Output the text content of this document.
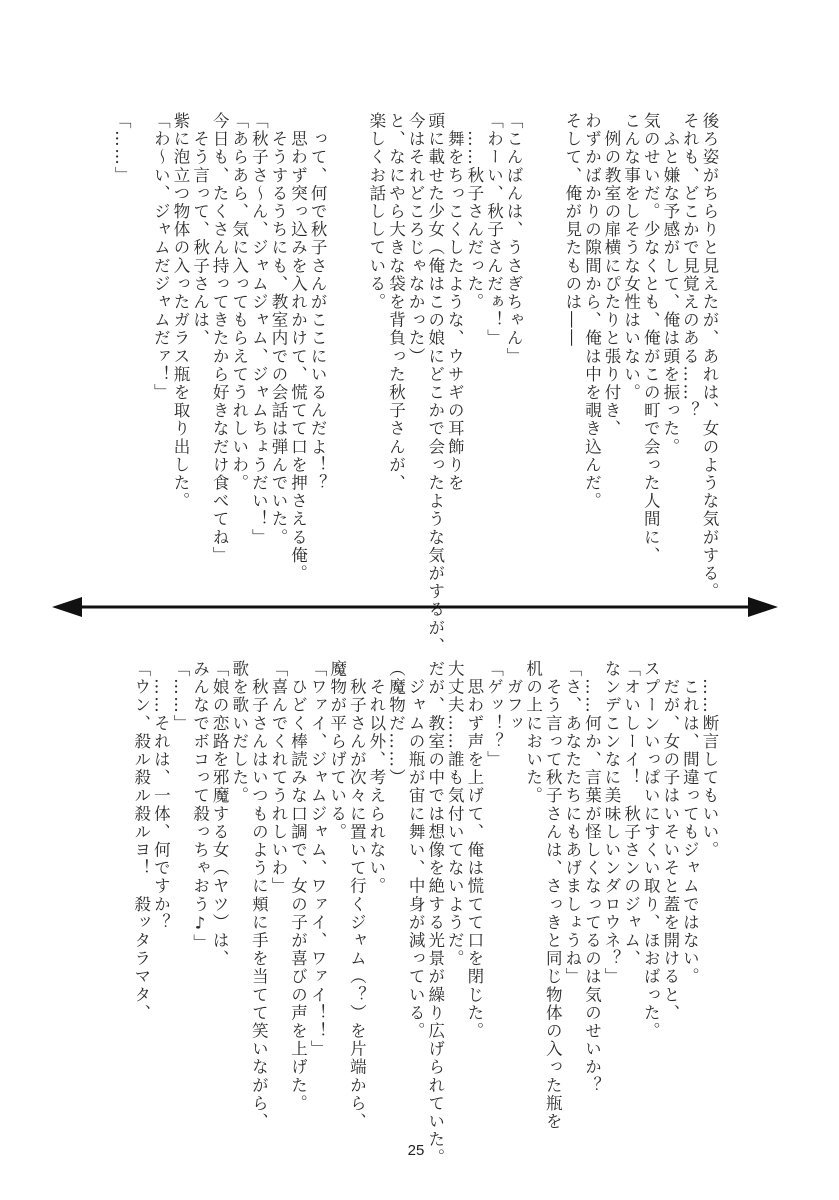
後ろ姿がちらりと見えたが、あれは、女のような気がする。

それも、どこかで見覚えのある……？

　ふと嫌な予感がして、俺は頭を振った。

気のせいだ。少なくとも、俺がこの町で会った人間に、

こんな事をしそうな女性はいない。

　例の教室の扉横にぴたりと張り付き、

わずかばかりの隙間から、俺は中を覗き込んだ。

そして、俺が見たものは――

「こんばんは、うさぎちゃん」

「わーい、秋子さんだぁ！」

　……秋子さんだった。

　舞をちっこくしたような、ウサギの耳飾りを

頭に載せた少女（俺はこの娘にどこかで会ったような気がするが、

今はそれどころじゃなかった）

と、なにやら大きな袋を背負った秋子さんが、

楽しくお話ししている。

　って、何で秋子さんがここにいるんだよ！？

　思わず突っ込みを入れかけて、慌てて口を押さえる俺。

　そうするうちにも、教室内での会話は弾んでいた。

「秋子さ〜ん、ジャムジャム、ジャムちょうだい！」

「あらあら、気に入ってもらえてうれしいわ。

今日も、たくさん持ってきたから好きなだけ食べてね」

　そう言って、秋子さんは、

紫に泡立つ物体の入ったガラス瓶を取り出した。

「わ〜い、ジャムだジャムだァ！」

「……」

　……断言してもいい。

　これは、間違ってもジャムではない。

　だが、女の子はいそいそと蓋を開けると、

スプーンいっぱいにすくい取り、ほおばった。

「オいしーイ！　秋子さンのジャム、

なンデこンなに美味しいンダロウネ？」

　……何か、言葉が怪しくなってるのは気のせいか？

「さ、あなたたちにもあげましょうね」

　そう言って秋子さんは、さっきと同じ物体の入った瓶を

机の上においた。

　ガフッ

「ゲッ！？」

　思わず声を上げて、俺は慌てて口を閉じた。

大丈夫……誰も気付いてないようだ。

だが、教室の中では想像を絶する光景が繰り広げられていた。

　ジャムの瓶が宙に舞い、中身が減っている。

（魔物だ……）

　それ以外、考えられない。

　秋子さんが次々に置いて行くジャム（？）を片端から、

魔物が平らげている。

「ワァイ、ジャムジャム、ワァイ、ワァイ！！」

　ひどく棒読みな口調で、女の子が喜びの声を上げた。

「喜んでくれてうれしいわ」

　秋子さんはいつものように頬に手を当てて笑いながら、

歌を歌いだした。

「娘の恋路を邪魔する女（ヤツ）は、

みんなでボコって殺っちゃおう♪」

「……」

　……それは、一体、何ですか？

「ウン、殺ル殺ル殺ルヨ！　殺ッタラマタ、

25
